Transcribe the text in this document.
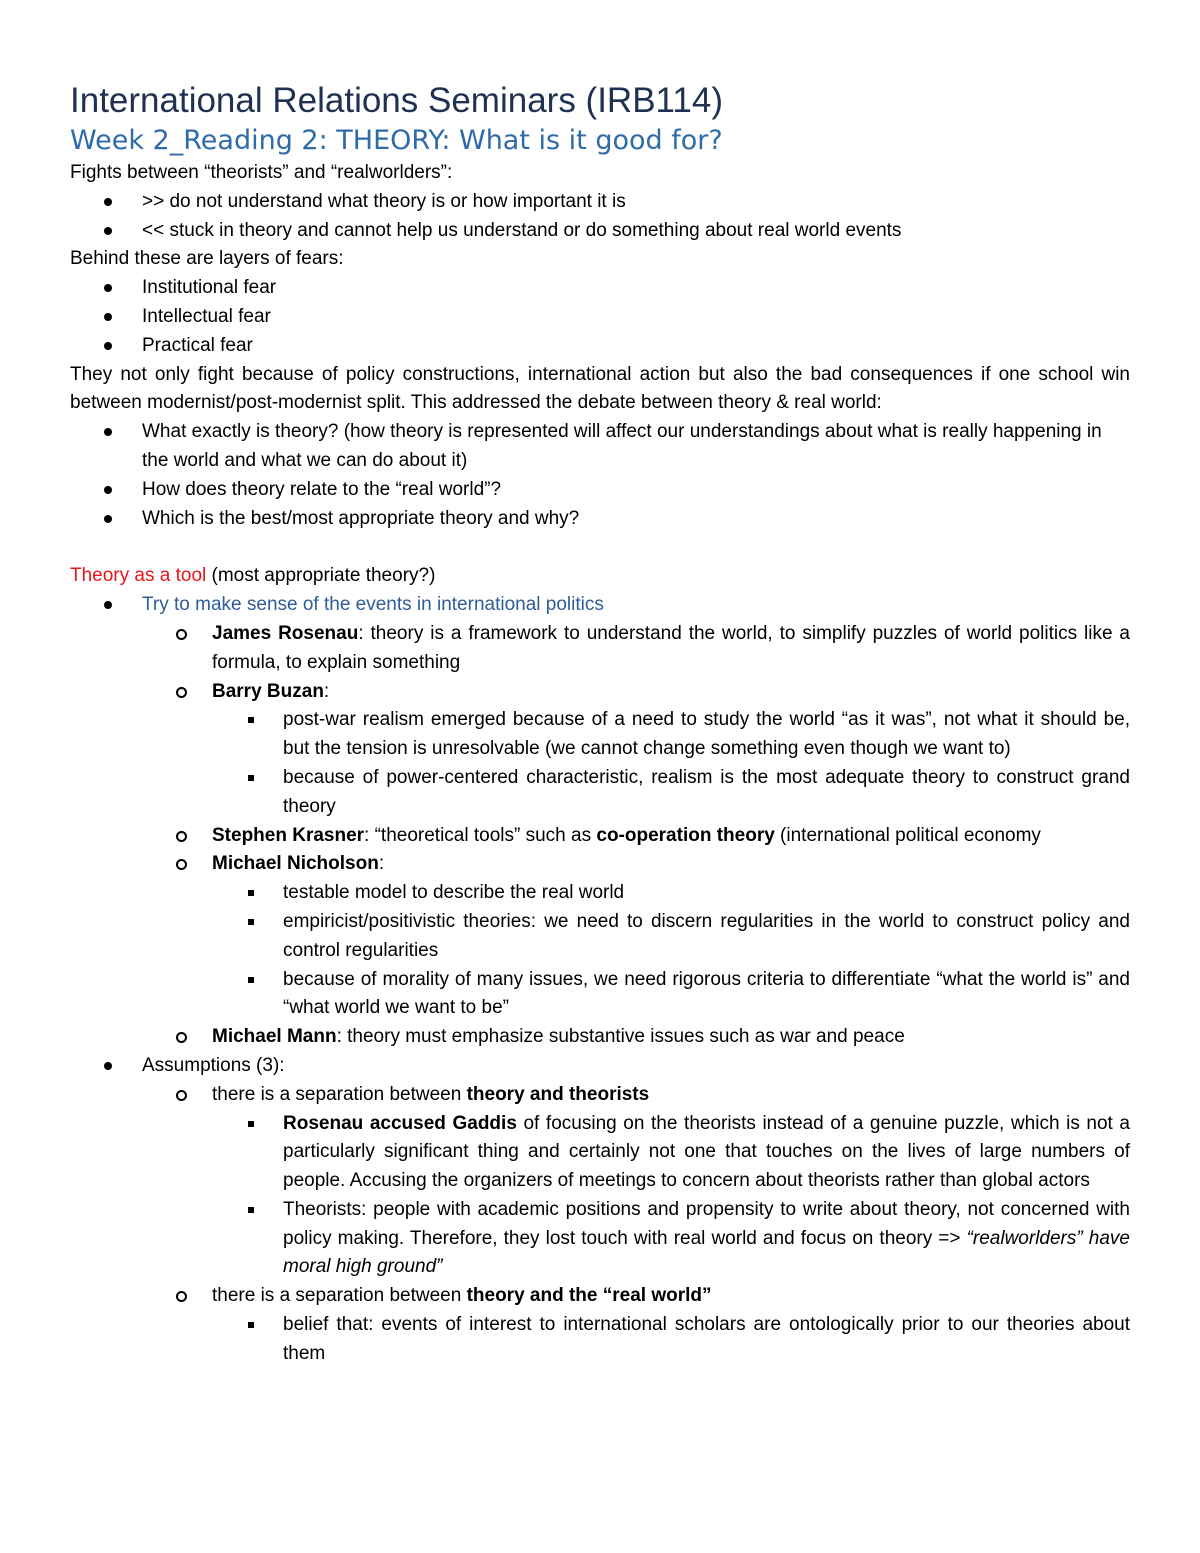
International Relations Seminars (IRB114)
Week 2_Reading 2: THEORY: What is it good for?

Fights between “theorists” and “realworlders”:

>> do not understand what theory is or how important it is
<< stuck in theory and cannot help us understand or do something about real world events

Behind these are layers of fears:

Institutional fear
Intellectual fear
Practical fear

They not only fight because of policy constructions, international action but also the bad consequences if one school win between modernist/post-modernist split. This addressed the debate between theory & real world:

What exactly is theory? (how theory is represented will affect our understandings about what is really happening in the world and what we can do about it)
How does theory relate to the “real world”?
Which is the best/most appropriate theory and why?

Theory as a tool (most appropriate theory?)

Try to make sense of the events in international politics
James Rosenau: theory is a framework to understand the world, to simplify puzzles of world politics like a formula, to explain something
Barry Buzan:
post-war realism emerged because of a need to study the world “as it was”, not what it should be, but the tension is unresolvable (we cannot change something even though we want to)
because of power-centered characteristic, realism is the most adequate theory to construct grand theory
Stephen Krasner: “theoretical tools” such as co-operation theory (international political economy
Michael Nicholson:
testable model to describe the real world
empiricist/positivistic theories: we need to discern regularities in the world to construct policy and control regularities
because of morality of many issues, we need rigorous criteria to differentiate “what the world is” and “what world we want to be”
Michael Mann: theory must emphasize substantive issues such as war and peace
Assumptions (3):
there is a separation between theory and theorists
Rosenau accused Gaddis of focusing on the theorists instead of a genuine puzzle, which is not a particularly significant thing and certainly not one that touches on the lives of large numbers of people. Accusing the organizers of meetings to concern about theorists rather than global actors
Theorists: people with academic positions and propensity to write about theory, not concerned with policy making. Therefore, they lost touch with real world and focus on theory => “realworlders” have moral high ground”
there is a separation between theory and the “real world”
belief that: events of interest to international scholars are ontologically prior to our theories about them
